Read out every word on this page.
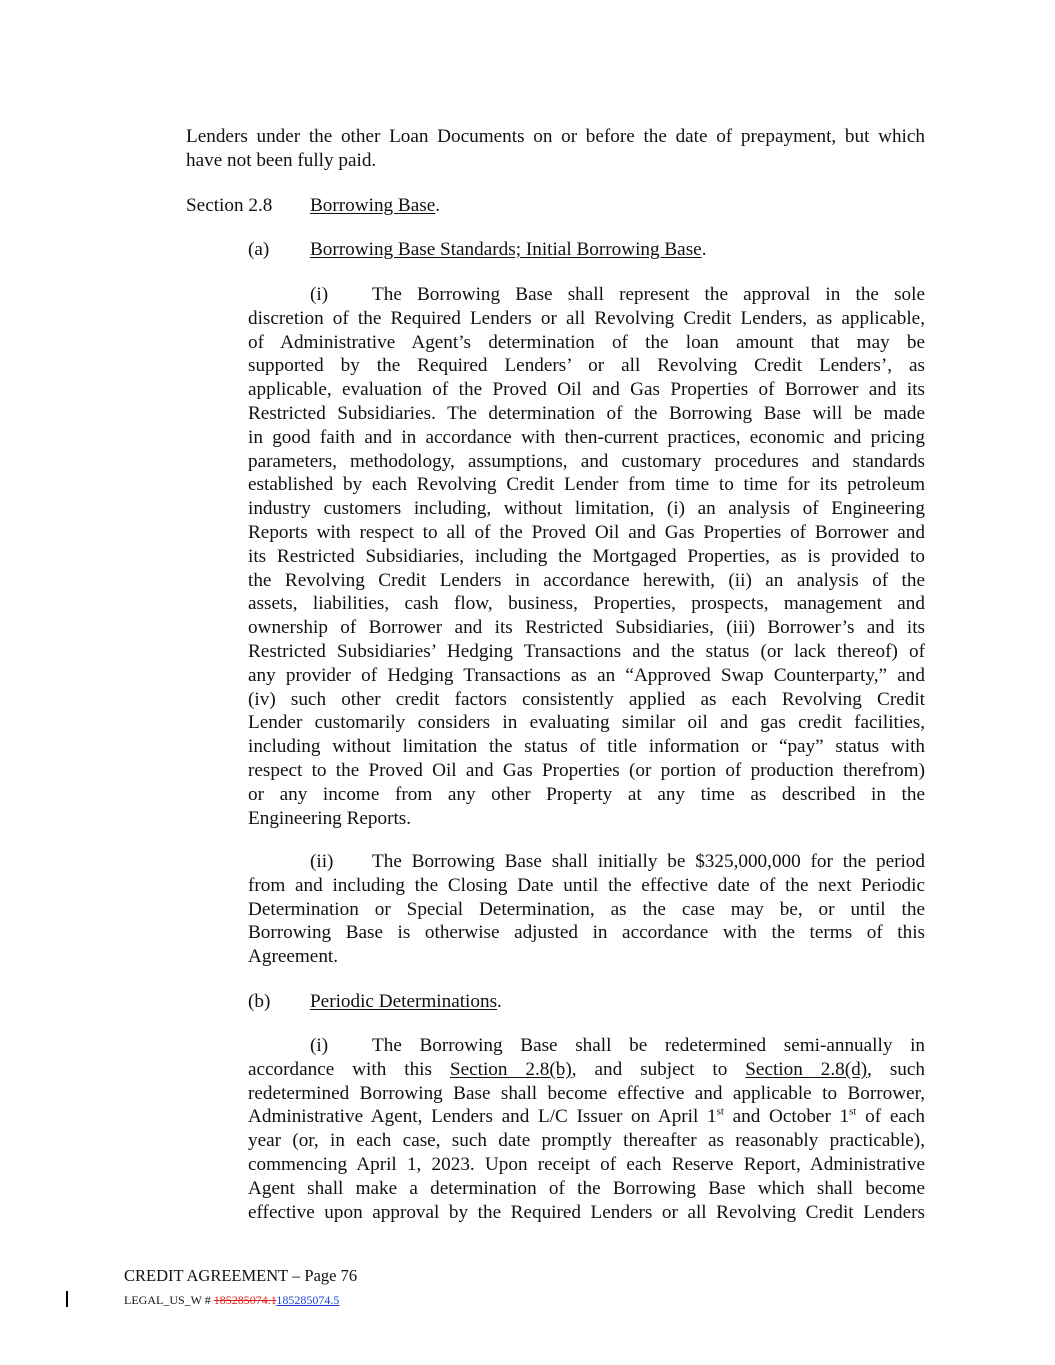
Lenders under the other Loan Documents on or before the date of prepayment, but which
have not been fully paid.
Section 2.8 Borrowing Base.
(a) Borrowing Base Standards; Initial Borrowing Base.
(i) The Borrowing Base shall represent the approval in the sole
discretion of the Required Lenders or all Revolving Credit Lenders, as applicable,
of Administrative Agent’s determination of the loan amount that may be
supported by the Required Lenders’ or all Revolving Credit Lenders’, as
applicable, evaluation of the Proved Oil and Gas Properties of Borrower and its
Restricted Subsidiaries. The determination of the Borrowing Base will be made
in good faith and in accordance with then-current practices, economic and pricing
parameters, methodology, assumptions, and customary procedures and standards
established by each Revolving Credit Lender from time to time for its petroleum
industry customers including, without limitation, (i) an analysis of Engineering
Reports with respect to all of the Proved Oil and Gas Properties of Borrower and
its Restricted Subsidiaries, including the Mortgaged Properties, as is provided to
the Revolving Credit Lenders in accordance herewith, (ii) an analysis of the
assets, liabilities, cash flow, business, Properties, prospects, management and
ownership of Borrower and its Restricted Subsidiaries, (iii) Borrower’s and its
Restricted Subsidiaries’ Hedging Transactions and the status (or lack thereof) of
any provider of Hedging Transactions as an “Approved Swap Counterparty,” and
(iv) such other credit factors consistently applied as each Revolving Credit
Lender customarily considers in evaluating similar oil and gas credit facilities,
including without limitation the status of title information or “pay” status with
respect to the Proved Oil and Gas Properties (or portion of production therefrom)
or any income from any other Property at any time as described in the
Engineering Reports.
(ii) The Borrowing Base shall initially be $325,000,000 for the period
from and including the Closing Date until the effective date of the next Periodic
Determination or Special Determination, as the case may be, or until the
Borrowing Base is otherwise adjusted in accordance with the terms of this
Agreement.
(b) Periodic Determinations.
(i) The Borrowing Base shall be redetermined semi-annually in
accordance with this Section 2.8(b), and subject to Section 2.8(d), such
redetermined Borrowing Base shall become effective and applicable to Borrower,
Administrative Agent, Lenders and L/C Issuer on April 1st and October 1st of each
year (or, in each case, such date promptly thereafter as reasonably practicable),
commencing April 1, 2023. Upon receipt of each Reserve Report, Administrative
Agent shall make a determination of the Borrowing Base which shall become
effective upon approval by the Required Lenders or all Revolving Credit Lenders
CREDIT AGREEMENT – Page 76
LEGAL_US_W # 185285074.1185285074.5
